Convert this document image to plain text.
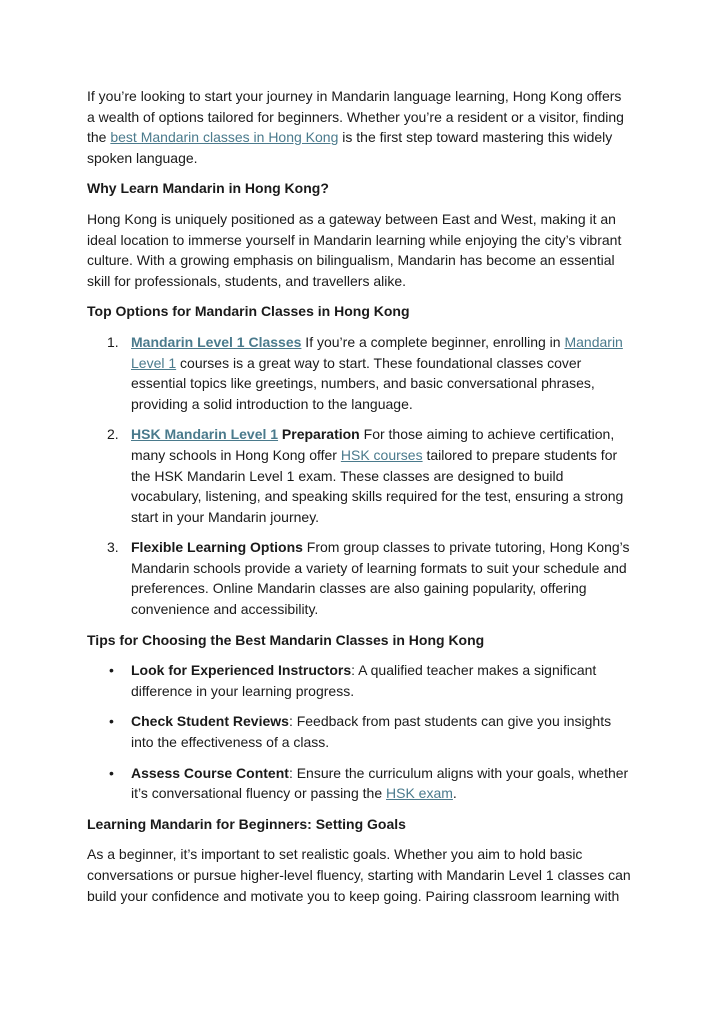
If you’re looking to start your journey in Mandarin language learning, Hong Kong offers a wealth of options tailored for beginners. Whether you’re a resident or a visitor, finding the best Mandarin classes in Hong Kong is the first step toward mastering this widely spoken language.

Why Learn Mandarin in Hong Kong?

Hong Kong is uniquely positioned as a gateway between East and West, making it an ideal location to immerse yourself in Mandarin learning while enjoying the city’s vibrant culture. With a growing emphasis on bilingualism, Mandarin has become an essential skill for professionals, students, and travellers alike.

Top Options for Mandarin Classes in Hong Kong
1. Mandarin Level 1 Classes If you’re a complete beginner, enrolling in Mandarin Level 1 courses is a great way to start. These foundational classes cover essential topics like greetings, numbers, and basic conversational phrases, providing a solid introduction to the language.
2. HSK Mandarin Level 1 Preparation For those aiming to achieve certification, many schools in Hong Kong offer HSK courses tailored to prepare students for the HSK Mandarin Level 1 exam. These classes are designed to build vocabulary, listening, and speaking skills required for the test, ensuring a strong start in your Mandarin journey.
3. Flexible Learning Options From group classes to private tutoring, Hong Kong’s Mandarin schools provide a variety of learning formats to suit your schedule and preferences. Online Mandarin classes are also gaining popularity, offering convenience and accessibility.
Tips for Choosing the Best Mandarin Classes in Hong Kong
• Look for Experienced Instructors: A qualified teacher makes a significant difference in your learning progress.
• Check Student Reviews: Feedback from past students can give you insights into the effectiveness of a class.
• Assess Course Content: Ensure the curriculum aligns with your goals, whether it’s conversational fluency or passing the HSK exam.
Learning Mandarin for Beginners: Setting Goals

As a beginner, it’s important to set realistic goals. Whether you aim to hold basic conversations or pursue higher-level fluency, starting with Mandarin Level 1 classes can build your confidence and motivate you to keep going. Pairing classroom learning with
